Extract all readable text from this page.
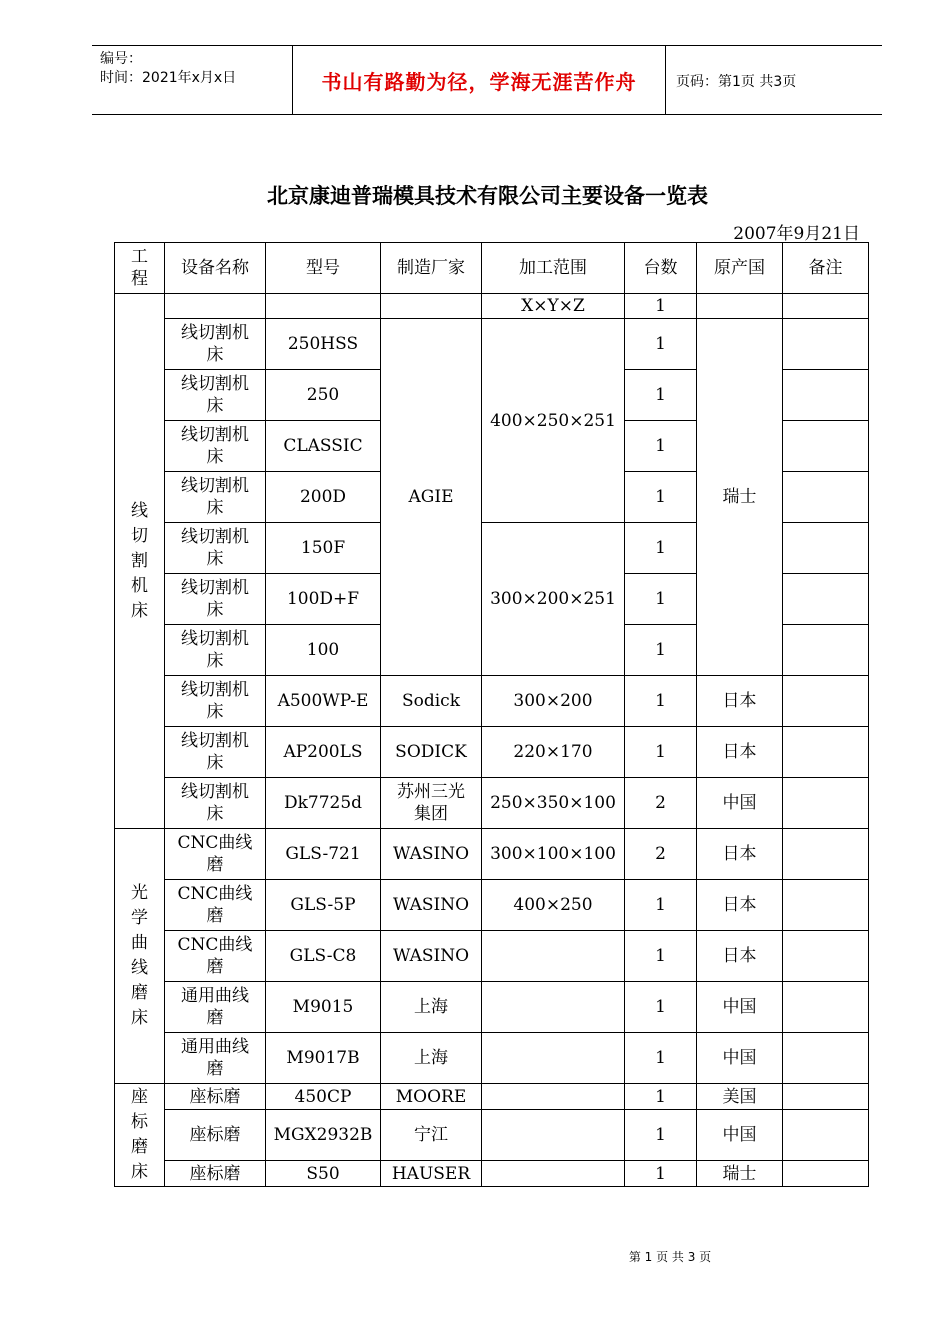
编号：
时间：2021年x月x日	书山有路勤为径，学海无涯苦作舟	页码：第1页 共3页
北京康迪普瑞模具技术有限公司主要设备一览表
2007年9月21日
工程	设备名称	型号	制造厂家	加工范围	台数	原产国	备注
线切割机床				X×Y×Z	1		
	线切割机床	250HSS	AGIE	400×250×251	1	瑞士	
	线切割机床	250			1		
	线切割机床	CLASSIC			1		
	线切割机床	200D			1		
	线切割机床	150F		300×200×251	1		
	线切割机床	100D+F			1		
	线切割机床	100			1		
	线切割机床	A500WP-E	Sodick	300×200	1	日本	
	线切割机床	AP200LS	SODICK	220×170	1	日本	
	线切割机床	Dk7725d	苏州三光集团	250×350×100	2	中国	
光学曲线磨床	CNC曲线磨	GLS-721	WASINO	300×100×100	2	日本	
	CNC曲线磨	GLS-5P	WASINO	400×250	1	日本	
	CNC曲线磨	GLS-C8	WASINO		1	日本	
	通用曲线磨	M9015	上海		1	中国	
	通用曲线磨	M9017B	上海		1	中国	
座标磨床	座标磨	450CP	MOORE		1	美国	
	座标磨	MGX2932B	宁江		1	中国	
	座标磨	S50	HAUSER		1	瑞士	
第 1 页 共 3 页
